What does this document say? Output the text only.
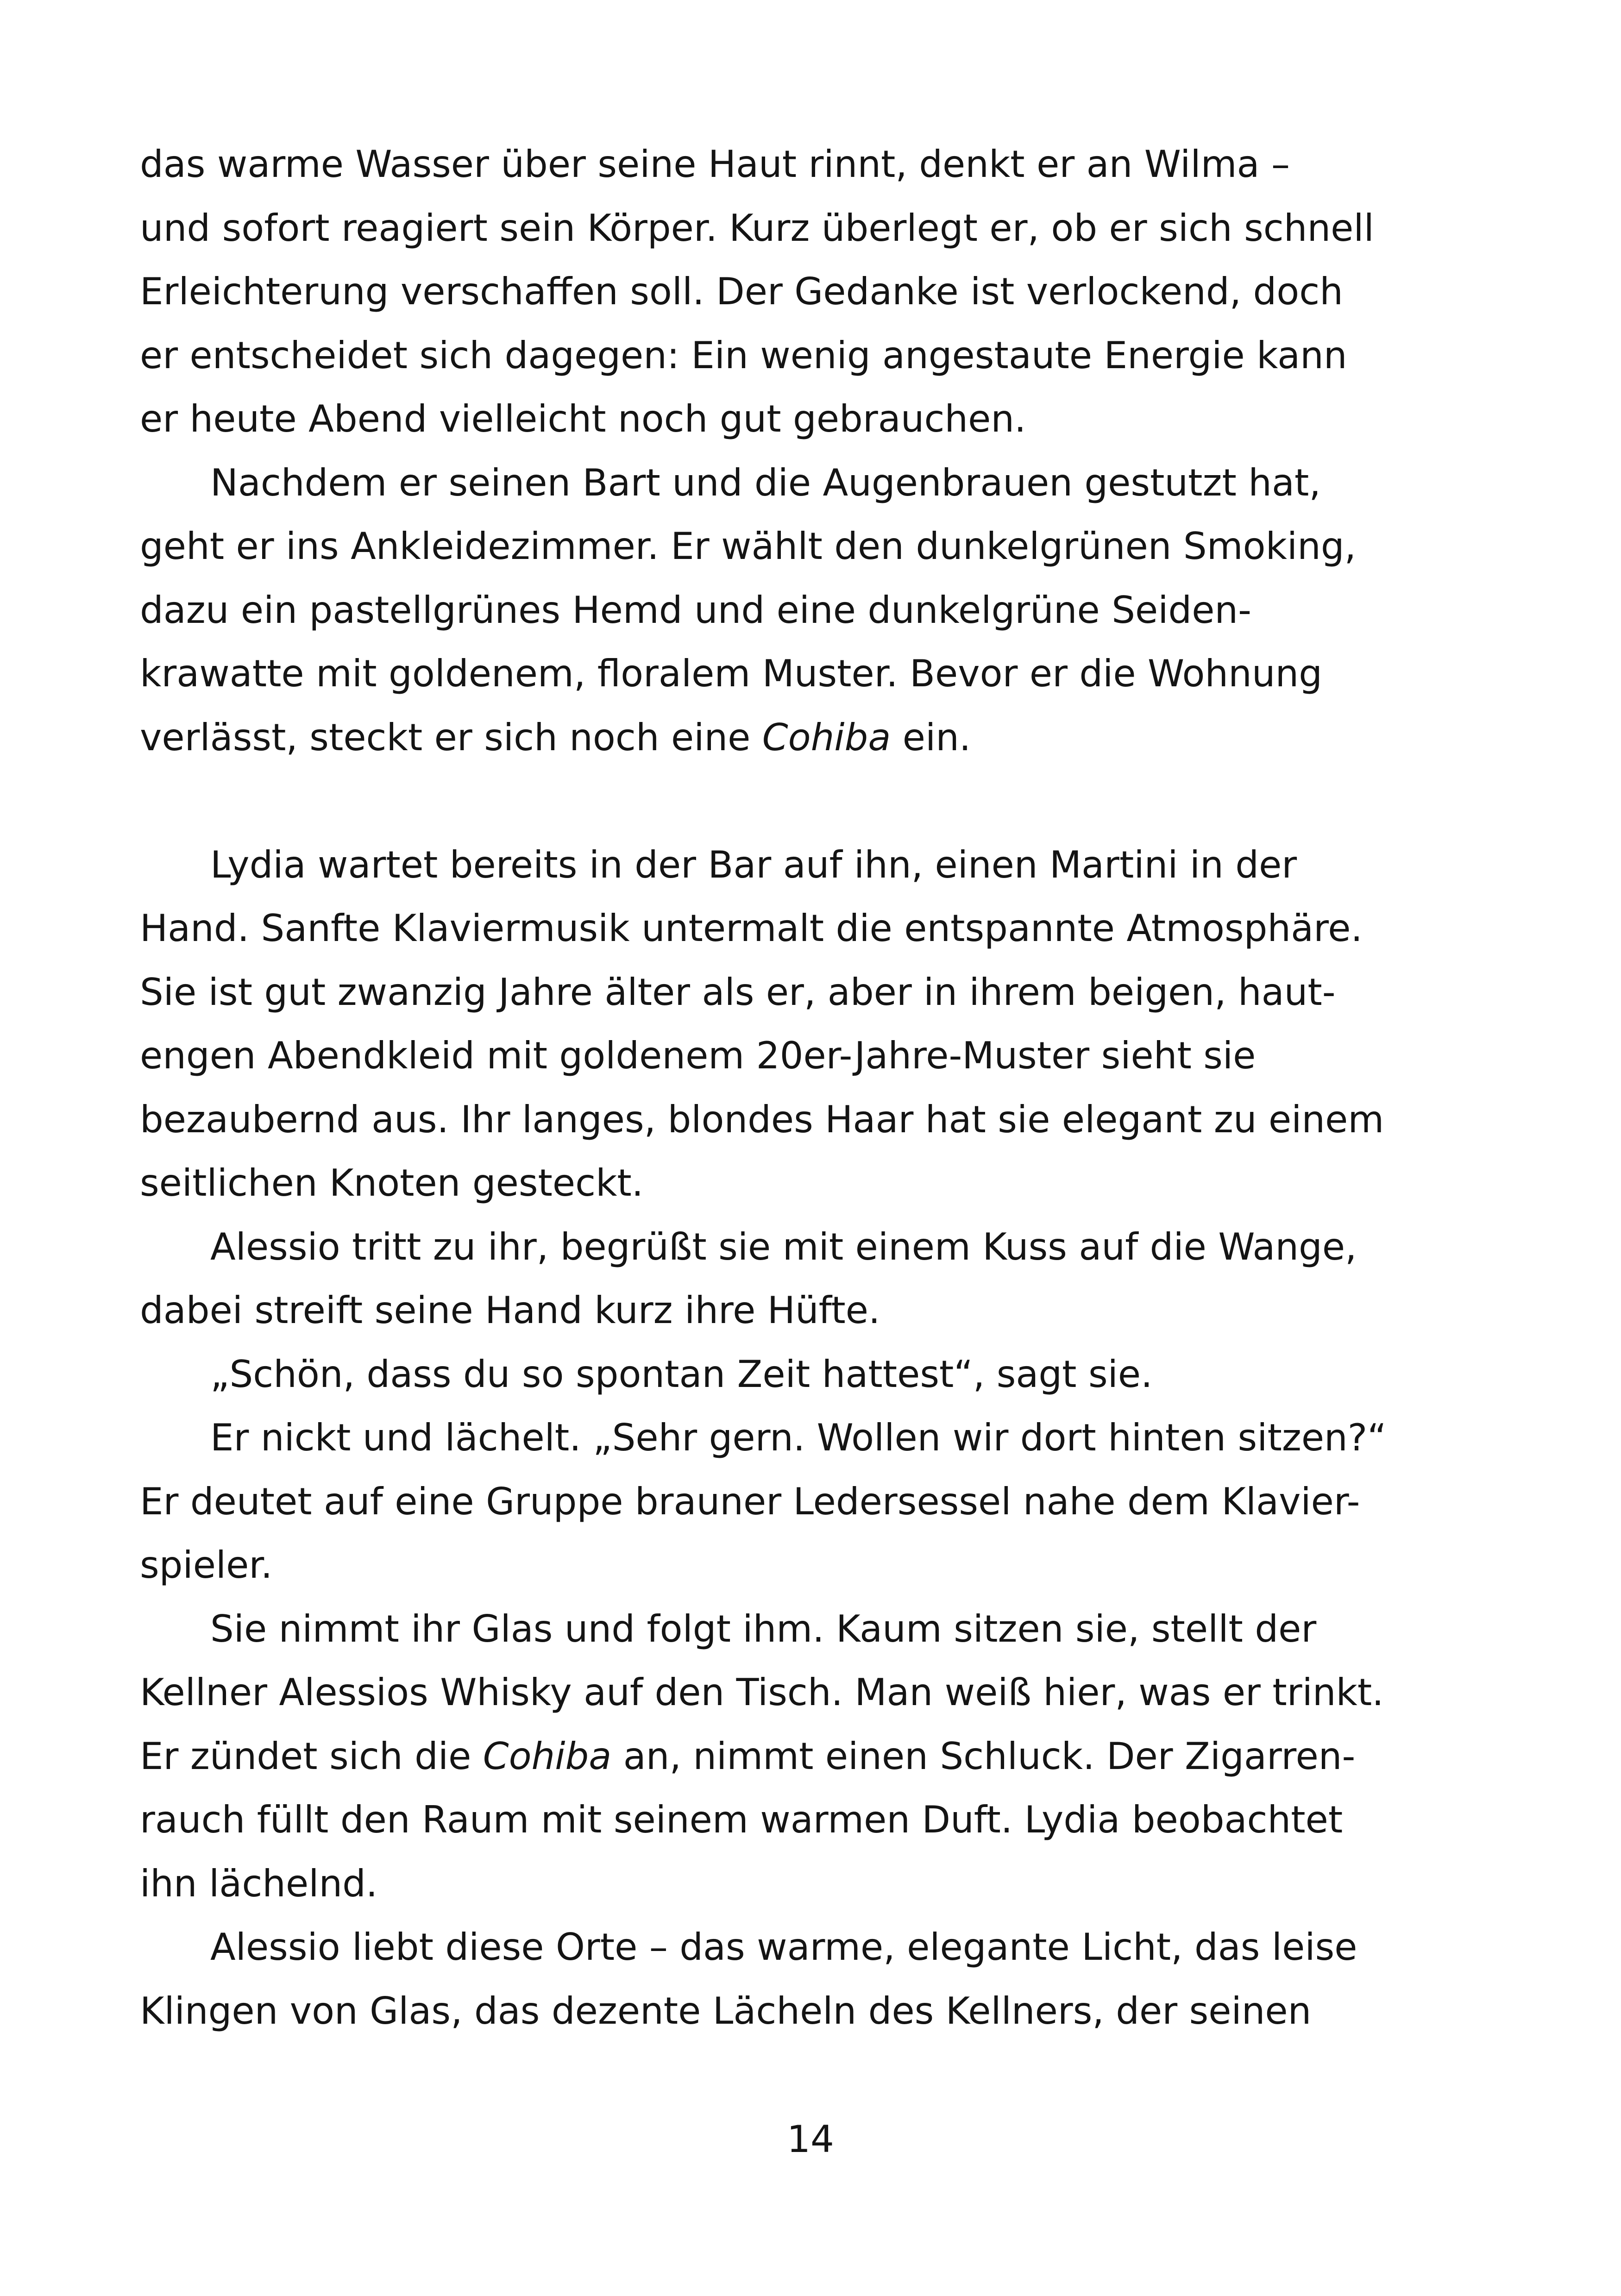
das warme Wasser über seine Haut rinnt, denkt er an Wilma –
und sofort reagiert sein Körper. Kurz überlegt er, ob er sich schnell
Erleichterung verschaffen soll. Der Gedanke ist verlockend, doch
er entscheidet sich dagegen: Ein wenig angestaute Energie kann
er heute Abend vielleicht noch gut gebrauchen.
Nachdem er seinen Bart und die Augenbrauen gestutzt hat,
geht er ins Ankleidezimmer. Er wählt den dunkelgrünen Smoking,
dazu ein pastellgrünes Hemd und eine dunkelgrüne Seiden-
krawatte mit goldenem, floralem Muster. Bevor er die Wohnung
verlässt, steckt er sich noch eine Cohiba ein.
Lydia wartet bereits in der Bar auf ihn, einen Martini in der
Hand. Sanfte Klaviermusik untermalt die entspannte Atmosphäre.
Sie ist gut zwanzig Jahre älter als er, aber in ihrem beigen, haut-
engen Abendkleid mit goldenem 20er-Jahre-Muster sieht sie
bezaubernd aus. Ihr langes, blondes Haar hat sie elegant zu einem
seitlichen Knoten gesteckt.
Alessio tritt zu ihr, begrüßt sie mit einem Kuss auf die Wange,
dabei streift seine Hand kurz ihre Hüfte.
„Schön, dass du so spontan Zeit hattest“, sagt sie.
Er nickt und lächelt. „Sehr gern. Wollen wir dort hinten sitzen?“
Er deutet auf eine Gruppe brauner Ledersessel nahe dem Klavier-
spieler.
Sie nimmt ihr Glas und folgt ihm. Kaum sitzen sie, stellt der
Kellner Alessios Whisky auf den Tisch. Man weiß hier, was er trinkt.
Er zündet sich die Cohiba an, nimmt einen Schluck. Der Zigarren-
rauch füllt den Raum mit seinem warmen Duft. Lydia beobachtet
ihn lächelnd.
Alessio liebt diese Orte – das warme, elegante Licht, das leise
Klingen von Glas, das dezente Lächeln des Kellners, der seinen
14
